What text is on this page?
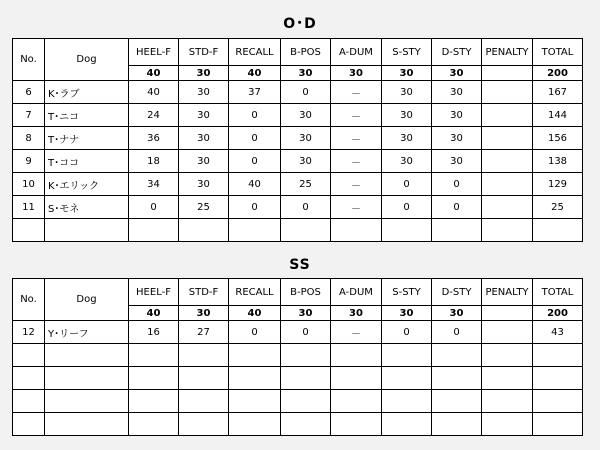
O･D
No.	Dog	HEEL-F	STD-F	RECALL	B-POS	A-DUM	S-STY	D-STY	PENALTY	TOTAL
		40	30	40	30	30	30	30		200
6	K･ラブ	40	30	37	0	－	30	30		167
7	T･ニコ	24	30	0	30	－	30	30		144
8	T･ナナ	36	30	0	30	－	30	30		156
9	T･ココ	18	30	0	30	－	30	30		138
10	K･エリック	34	30	40	25	－	0	0		129
11	S･モネ	0	25	0	0	－	0	0		25

SS
No.	Dog	HEEL-F	STD-F	RECALL	B-POS	A-DUM	S-STY	D-STY	PENALTY	TOTAL
		40	30	40	30	30	30	30		200
12	Y･リーフ	16	27	0	0	－	0	0		43
